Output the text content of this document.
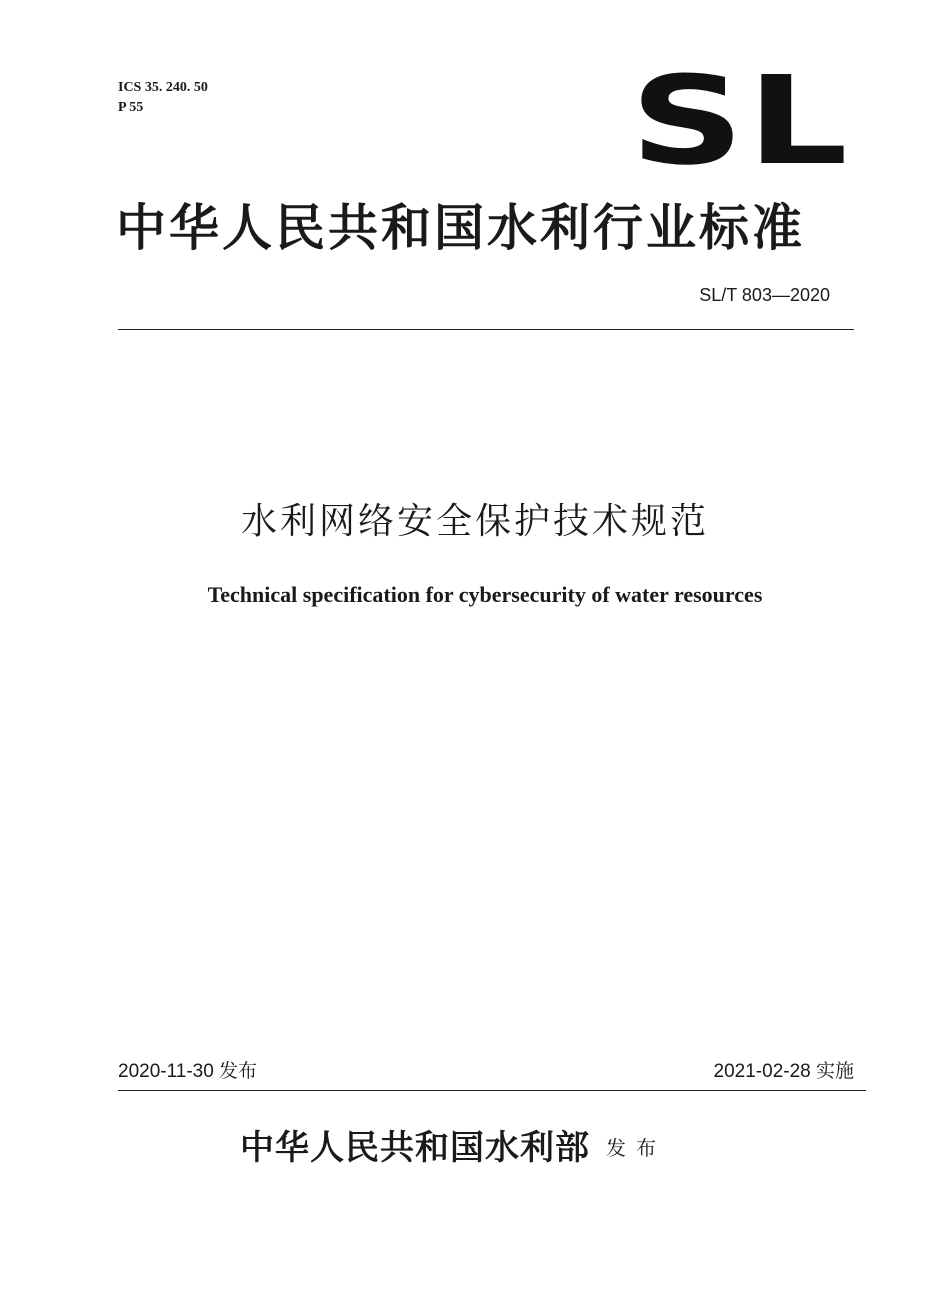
ICS 35. 240. 50
P 55	SL
中华人民共和国水利行业标准
SL/T 803—2020
水利网络安全保护技术规范
Technical specification for cybersecurity of water resources
2020-11-30 发布	2021-02-28 实施
中华人民共和国水利部 发布
